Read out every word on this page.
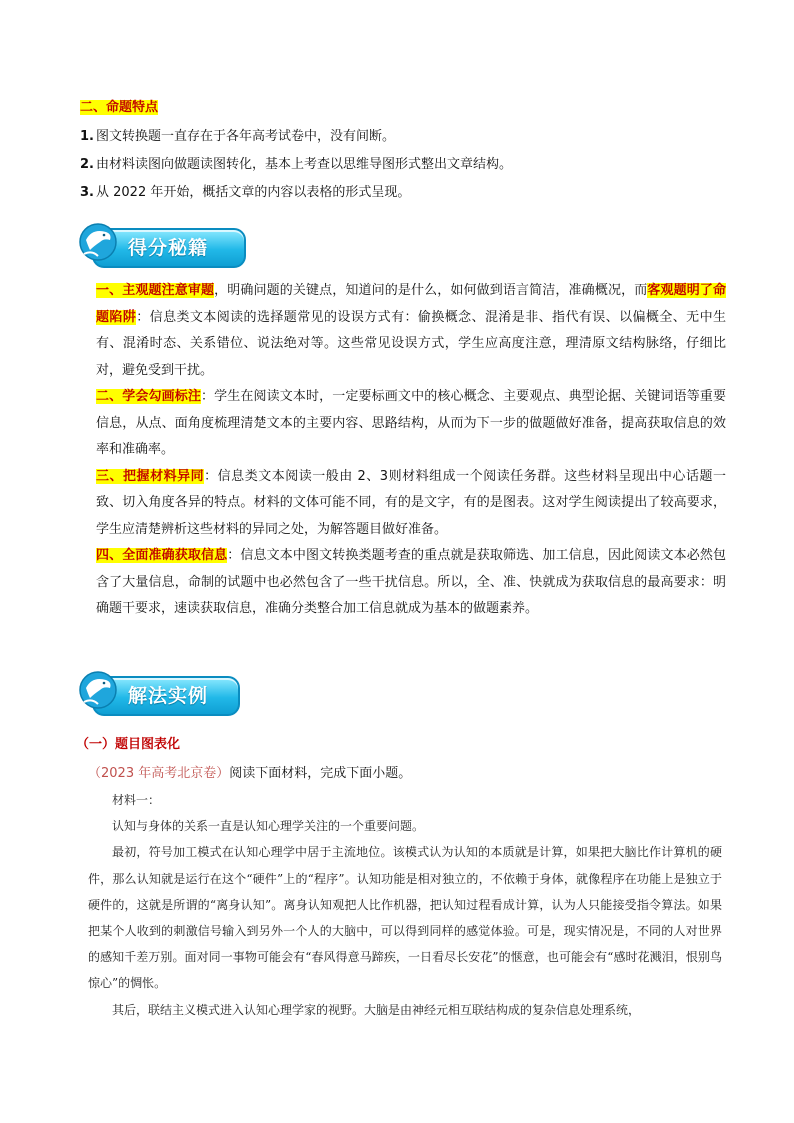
二、命题特点
1. 图文转换题一直存在于各年高考试卷中，没有间断。
2. 由材料读图向做题读图转化，基本上考查以思维导图形式整出文章结构。
3. 从 2022 年开始，概括文章的内容以表格的形式呈现。
得分秘籍

一、主观题注意审题，明确问题的关键点，知道问的是什么，如何做到语言简洁，准确概况，而客观题明了命题陷阱：信息类文本阅读的选择题常见的设误方式有：偷换概念、混淆是非、指代有误、以偏概全、无中生有、混淆时态、关系错位、说法绝对等。这些常见设误方式，学生应高度注意，理清原文结构脉络，仔细比对，避免受到干扰。

二、学会勾画标注：学生在阅读文本时，一定要标画文中的核心概念、主要观点、典型论据、关键词语等重要信息，从点、面角度梳理清楚文本的主要内容、思路结构，从而为下一步的做题做好准备，提高获取信息的效率和准确率。

三、把握材料异同：信息类文本阅读一般由 2、3则材料组成一个阅读任务群。这些材料呈现出中心话题一致、切入角度各异的特点。材料的文体可能不同，有的是文字，有的是图表。这对学生阅读提出了较高要求，学生应清楚辨析这些材料的异同之处，为解答题目做好准备。

四、全面准确获取信息：信息文本中图文转换类题考查的重点就是获取筛选、加工信息，因此阅读文本必然包含了大量信息，命制的试题中也必然包含了一些干扰信息。所以，全、准、快就成为获取信息的最高要求：明确题干要求，速读获取信息，准确分类整合加工信息就成为基本的做题素养。

解法实例
（一）题目图表化
（2023 年高考北京卷）阅读下面材料，完成下面小题。

材料一：

认知与身体的关系一直是认知心理学关注的一个重要问题。

最初，符号加工模式在认知心理学中居于主流地位。该模式认为认知的本质就是计算，如果把大脑比作计算机的硬件，那么认知就是运行在这个“硬件”上的“程序”。认知功能是相对独立的，不依赖于身体，就像程序在功能上是独立于硬件的，这就是所谓的“离身认知”。离身认知观把人比作机器，把认知过程看成计算，认为人只能接受指令算法。如果把某个人收到的刺激信号输入到另外一个人的大脑中，可以得到同样的感觉体验。可是，现实情况是，不同的人对世界的感知千差万别。面对同一事物可能会有“春风得意马蹄疾，一日看尽长安花”的惬意，也可能会有“感时花溅泪，恨别鸟惊心”的惆怅。

其后，联结主义模式进入认知心理学家的视野。大脑是由神经元相互联结构成的复杂信息处理系统，
